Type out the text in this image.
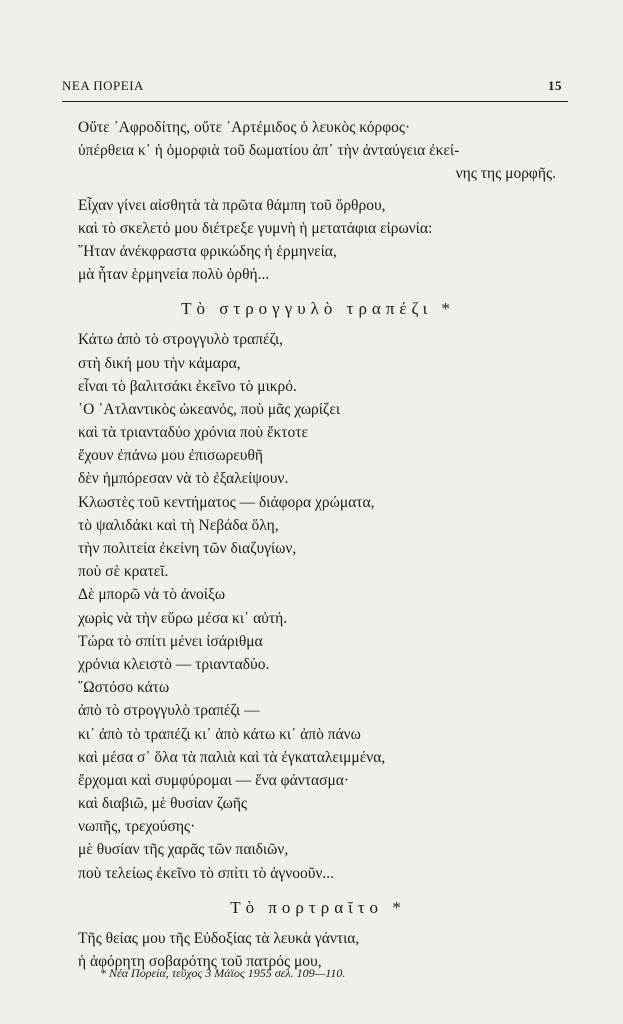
ΝΕΑ ΠΟΡΕΙΑ	15
Οὔτε ᾽Αφροδίτης, οὔτε ᾽Αρτέμιδος ὁ λευκὸς κόρφος·
ὑπέρθεια κ᾽ ἡ ὁμορφιὰ τοῦ δωματίου ἀπ᾽ τὴν ἀνταύγεια ἐκεί-
νης της μορφῆς.
Εἶχαν γίνει αἰσθητὰ τὰ πρῶτα θάμπη τοῦ ὄρθρου,
καὶ τὸ σκελετό μου διέτρεξε γυμνὴ ἡ μετατάφια εἰρωνία:
῞Ηταν ἀνέκφραστα φρικώδης ἡ ἑρμηνεία,
μὰ ἦταν ἑρμηνεία πολὺ ὀρθή...
Τὸ στρογγυλὸ τραπέζι *
Κάτω ἀπὸ τὸ στρογγυλὸ τραπέζι,
στὴ δική μου τὴν κάμαρα,
εἶναι τὸ βαλιτσάκι ἐκεῖνο τὸ μικρό.
῾Ο ᾽Ατλαντικὸς ὠκεανός, ποὺ μᾶς χωρίζει
καὶ τὰ τριανταδύο χρόνια ποὺ ἔκτοτε
ἔχουν ἐπάνω μου ἐπισωρευθῆ
δὲν ἠμπόρεσαν νὰ τὸ ἐξαλείψουν.
Κλωστὲς τοῦ κεντήματος — διάφορα χρώματα,
τὸ ψαλιδάκι καὶ τὴ Νεβάδα ὅλη,
τὴν πολιτεία ἐκείνη τῶν διαζυγίων,
ποὺ σὲ κρατεῖ.
Δὲ μπορῶ νὰ τὸ ἀνοίξω
χωρὶς νὰ τὴν εὕρω μέσα κι᾽ αὐτή.
Τώρα τὸ σπίτι μένει ἰσάριθμα
χρόνια κλειστὸ — τριανταδύο.
῞Ωστόσο κάτω
ἀπὸ τὸ στρογγυλὸ τραπέζι —
κι᾽ ἀπὸ τὸ τραπέζι κι᾽ ἀπὸ κάτω κι᾽ ἀπὸ πάνω
καὶ μέσα σ᾽ ὅλα τὰ παλιὰ καὶ τὰ ἐγκαταλειμμένα,
ἔρχομαι καὶ συμφύρομαι — ἕνα φάντασμα·
καὶ διαβιῶ, μὲ θυσίαν ζωῆς
νωπῆς, τρεχούσης·
μὲ θυσίαν τῆς χαρᾶς τῶν παιδιῶν,
ποὺ τελείως ἐκεῖνο τὸ σπίτι τὸ ἀγνοοῦν...
Τὸ πορτραῖτο *
Τῆς θείας μου τῆς Εὐδοξίας τὰ λευκὰ γάντια,
ἡ ἀφόρητη σοβαρότης τοῦ πατρός μου,
* Νέα Πορεία, τεῦχος 3 Μάϊος 1955 σελ. 109—110.
